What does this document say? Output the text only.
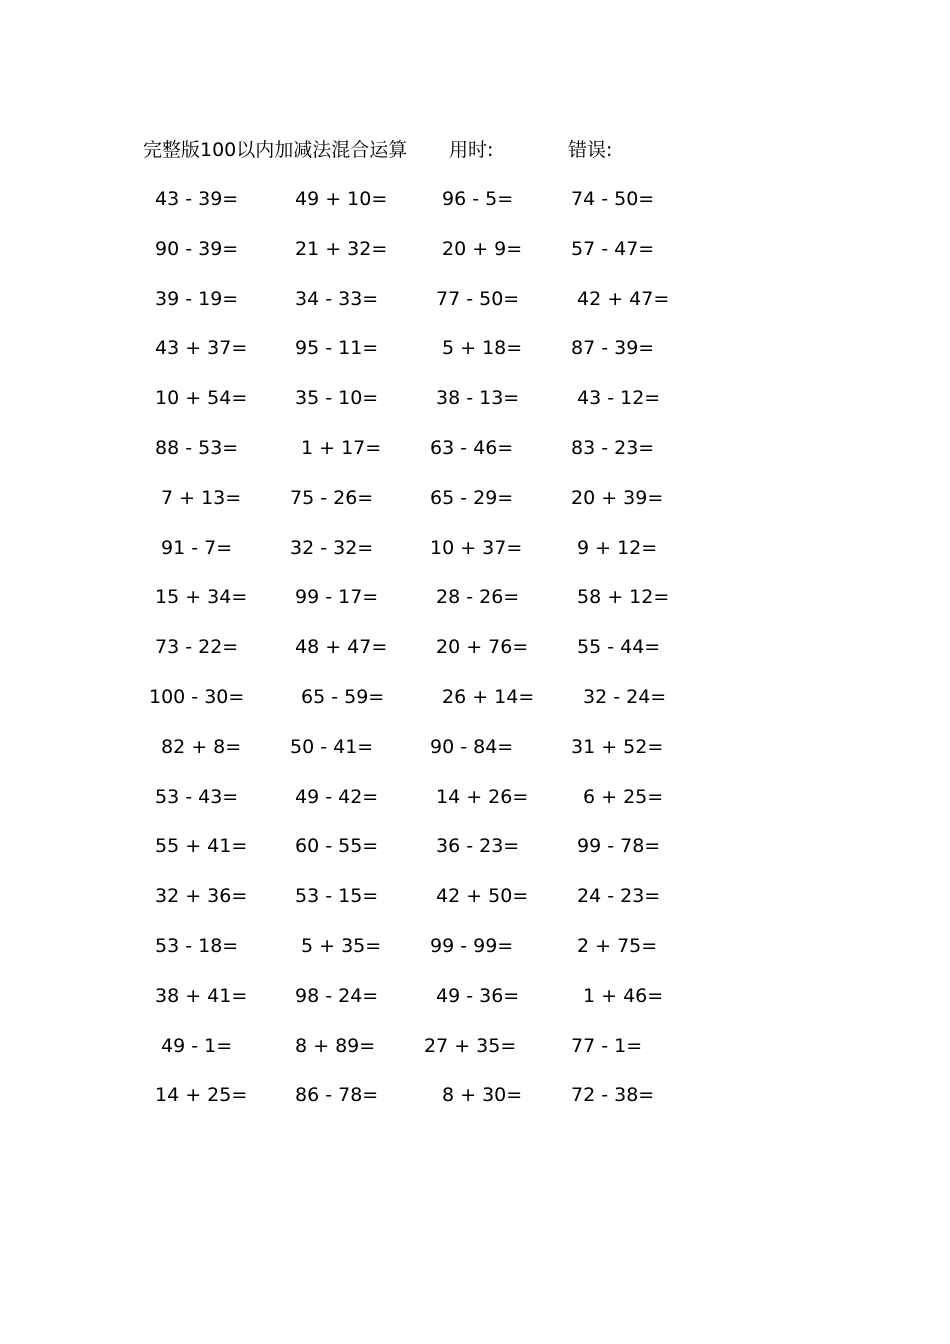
完整版100以内加减法混合运算 用时:	错误:
43 - 39=	49 + 10=	96 - 5=	74 - 50=
90 - 39=	21 + 32=	20 + 9=	57 - 47=
39 - 19=	34 - 33=	77 - 50=	42 + 47=
43 + 37=	95 - 11=	5 + 18=	87 - 39=
10 + 54=	35 - 10=	38 - 13=	43 - 12=
88 - 53=	1 + 17=	63 - 46=	83 - 23=
7 + 13=	75 - 26=	65 - 29=	20 + 39=
91 - 7=	32 - 32=	10 + 37=	9 + 12=
15 + 34=	99 - 17=	28 - 26=	58 + 12=
73 - 22=	48 + 47=	20 + 76=	55 - 44=
100 - 30=	65 - 59=	26 + 14=	32 - 24=
82 + 8=	50 - 41=	90 - 84=	31 + 52=
53 - 43=	49 - 42=	14 + 26=	6 + 25=
55 + 41=	60 - 55=	36 - 23=	99 - 78=
32 + 36=	53 - 15=	42 + 50=	24 - 23=
53 - 18=	5 + 35=	99 - 99=	2 + 75=
38 + 41=	98 - 24=	49 - 36=	1 + 46=
49 - 1=	8 + 89=	27 + 35=	77 - 1=
14 + 25=	86 - 78=	8 + 30=	72 - 38=
